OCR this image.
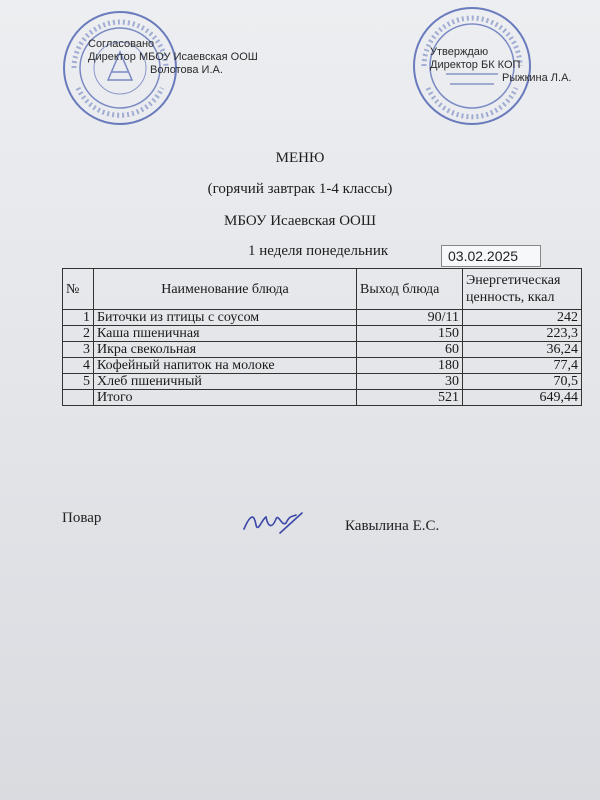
Согласовано
Директор МБОУ Исаевская ООШ
Волотова И.А.
Утверждаю
Директор БК КОП
Рыжкина Л.А.
МЕНЮ
(горячий завтрак 1-4 классы)
МБОУ Исаевская ООШ
1 неделя понедельник	03.02.2025
№	Наименование блюда	Выход блюда	Энергетическая ценность, ккал
1	Биточки из птицы с соусом	90/11	242
2	Каша пшеничная	150	223,3
3	Икра свекольная	60	36,24
4	Кофейный напиток на молоке	180	77,4
5	Хлеб пшеничный	30	70,5
	Итого	521	649,44
Повар	Кавылина Е.С.
